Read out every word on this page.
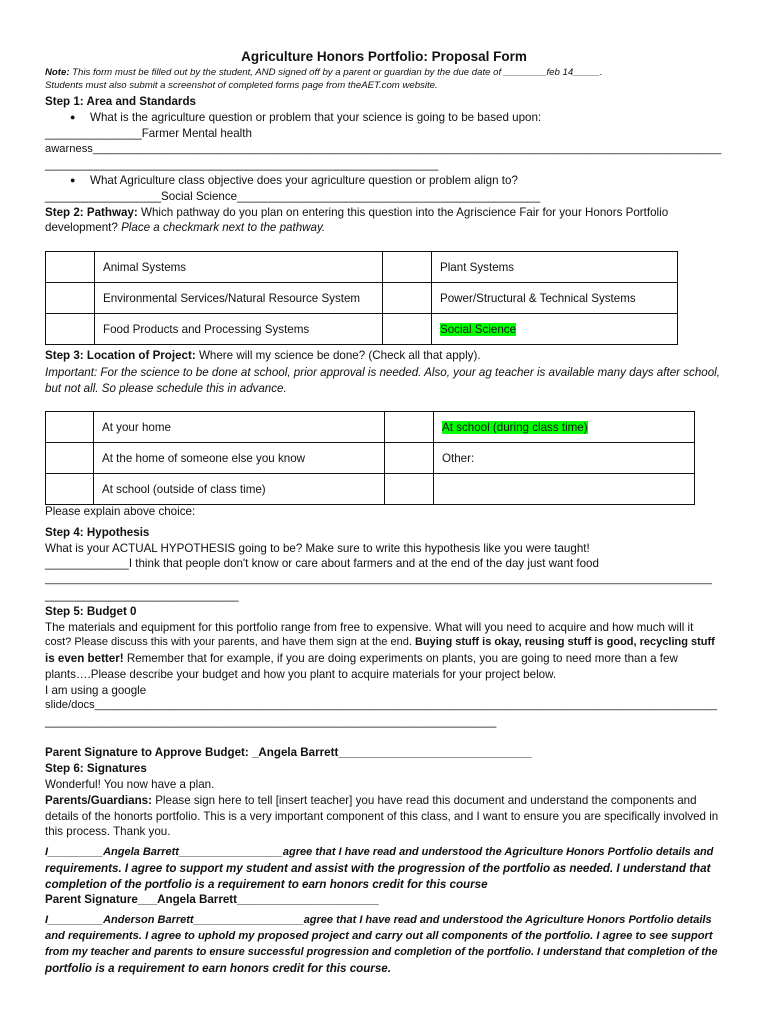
Agriculture Honors Portfolio: Proposal Form
Note: This form must be filled out by the student, AND signed off by a parent or guardian by the due date of ________feb 14_____.
Students must also submit a screenshot of completed forms page from theAET.com website.
Step 1: Area and Standards
● What is the agriculture question or problem that your science is going to be based upon:
_______________Farmer Mental health
awarness_____________________________________________________________________________________________________
_____________________________________________________________
● What Agriculture class objective does your agriculture question or problem align to?
__________________Social Science_______________________________________________
Step 2: Pathway: Which pathway do you plan on entering this question into the Agriscience Fair for your Honors Portfolio
development? Place a checkmark next to the pathway.
	Animal Systems		Plant Systems
	Environmental Services/Natural Resource System		Power/Structural & Technical Systems
	Food Products and Processing Systems		Social Science
Step 3: Location of Project: Where will my science be done? (Check all that apply).
Important: For the science to be done at school, prior approval is needed. Also, your ag teacher is available many days after school,
but not all. So please schedule this in advance.
	At your home		At school (during class time)
	At the home of someone else you know		Other:
	At school (outside of class time)		
Please explain above choice:
Step 4: Hypothesis
What is your ACTUAL HYPOTHESIS going to be? Make sure to write this hypothesis like you were taught!
_____________I think that people don't know or care about farmers and at the end of the day just want food
_____________________________________________________________________________________________________________
______________________________
Step 5: Budget 0
The materials and equipment for this portfolio range from free to expensive. What will you need to acquire and how much will it
cost? Please discuss this with your parents, and have them sign at the end. Buying stuff is okay, reusing stuff is good, recycling stuff
is even better! Remember that for example, if you are doing experiments on plants, you are going to need more than a few
plants….Please describe your budget and how you plant to acquire materials for your project below.
I am using a google
slide/docs____________________________________________________________________________________________________
______________________________________________________________________
Parent Signature to Approve Budget: _Angela Barrett______________________________
Step 6: Signatures
Wonderful! You now have a plan.
Parents/Guardians: Please sign here to tell [insert teacher] you have read this document and understand the components and
details of the honorts portfolio. This is a very important component of this class, and I want to ensure you are specifically involved in
this process. Thank you.
I_________Angela Barrett_________________agree that I have read and understood the Agriculture Honors Portfolio details and
requirements. I agree to support my student and assist with the progression of the portfolio as needed. I understand that
completion of the portfolio is a requirement to earn honors credit for this course
Parent Signature___Angela Barrett______________________
I_________Anderson Barrett__________________agree that I have read and understood the Agriculture Honors Portfolio details
and requirements. I agree to uphold my proposed project and carry out all components of the portfolio. I agree to see support
from my teacher and parents to ensure successful progression and completion of the portfolio. I understand that completion of the
portfolio is a requirement to earn honors credit for this course.
